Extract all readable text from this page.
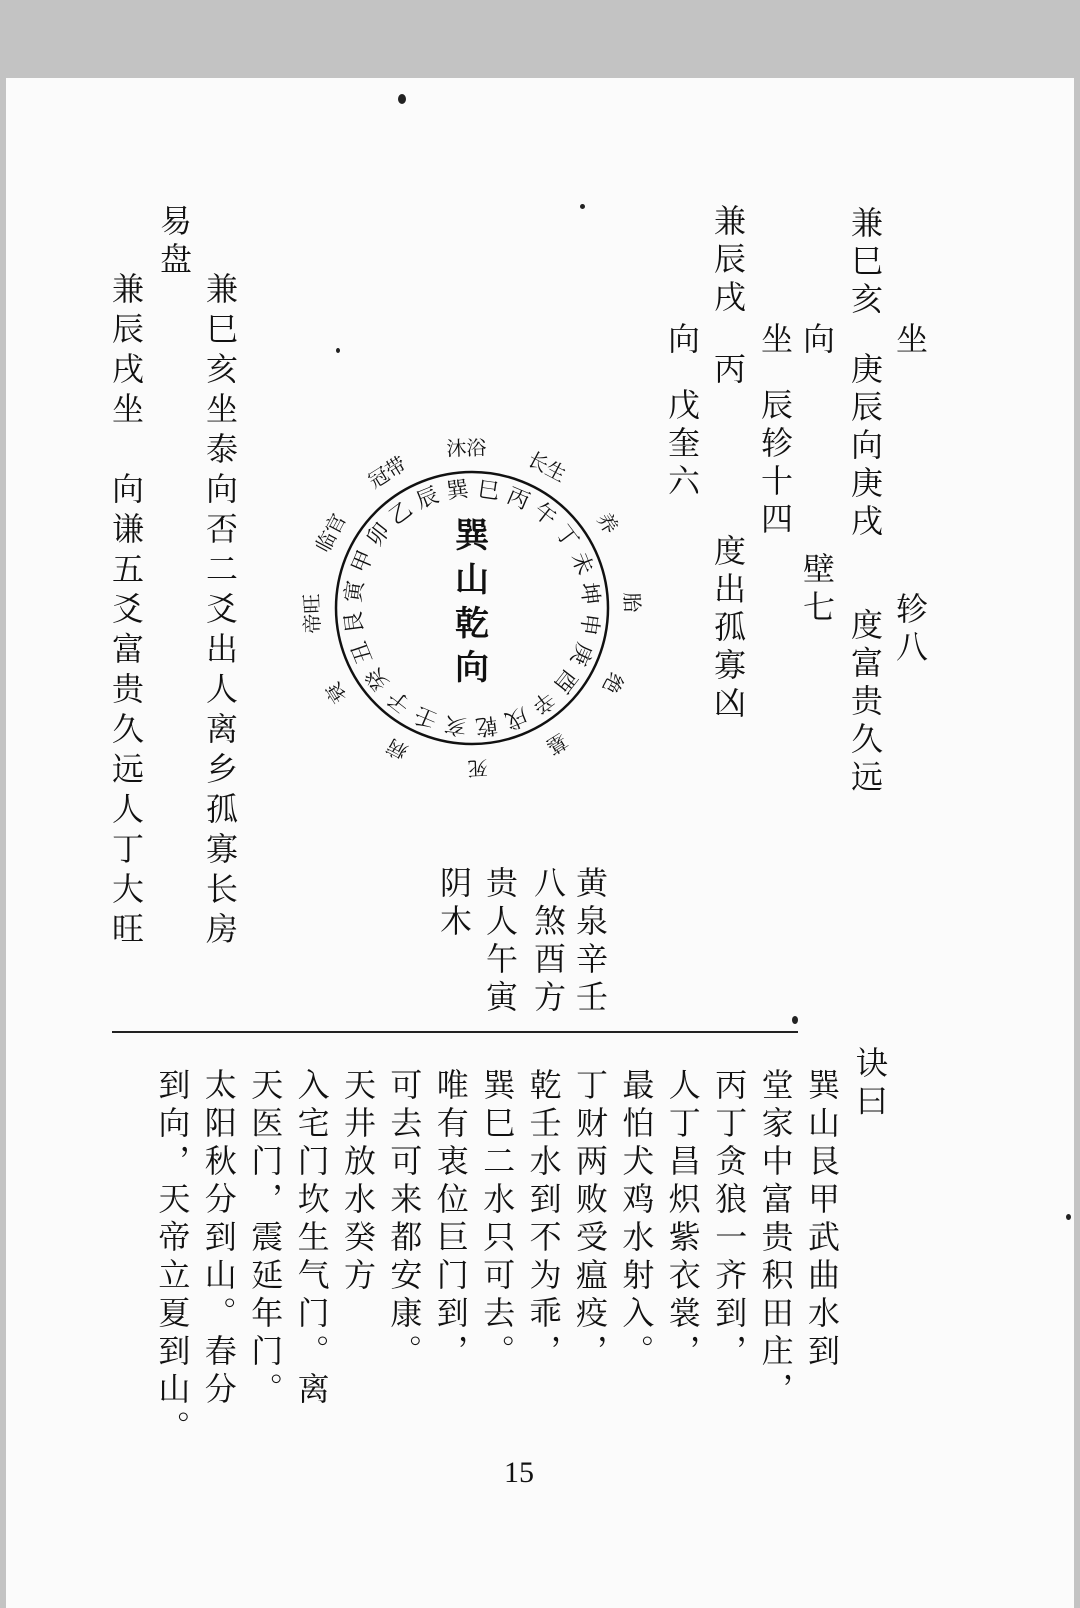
坐
轸八
兼巳亥
庚辰向庚戌
度富贵久远
向
壁七
兼辰戌
丙
坐
辰轸十四
向
戊奎六
度出孤寡凶
易盘
兼巳亥坐泰向否二爻出人离乡孤寡长房
兼辰戌坐　向谦五爻富贵久远人丁大旺	巳 丙
午
丁
未
坤
申
庚
酉
辛
戌
乾
亥
壬
子
癸
丑
艮
寅
甲
卯
乙
辰 巽
长生
养
胎
绝
墓
死
病
衰
帝旺
临官
冠带
沐浴
巽
山
乾
向
黄泉辛壬
八煞酉方
贵人午寅
阴木
诀曰
巽山艮甲武曲水到
堂家中富贵积田庄，
丙丁贪狼一齐到，
人丁昌炽紫衣裳，
最怕犬鸡水射入。
丁财两败受瘟疫，
乾壬水到不为乖，
巽巳二水只可去。
唯有衷位巨门到，
可去可来都安康。
天井放水癸方
入宅门坎生气门。离
天医门，震延年门。
太阳秋分到山。春分
到向，天帝立夏到山。
15
